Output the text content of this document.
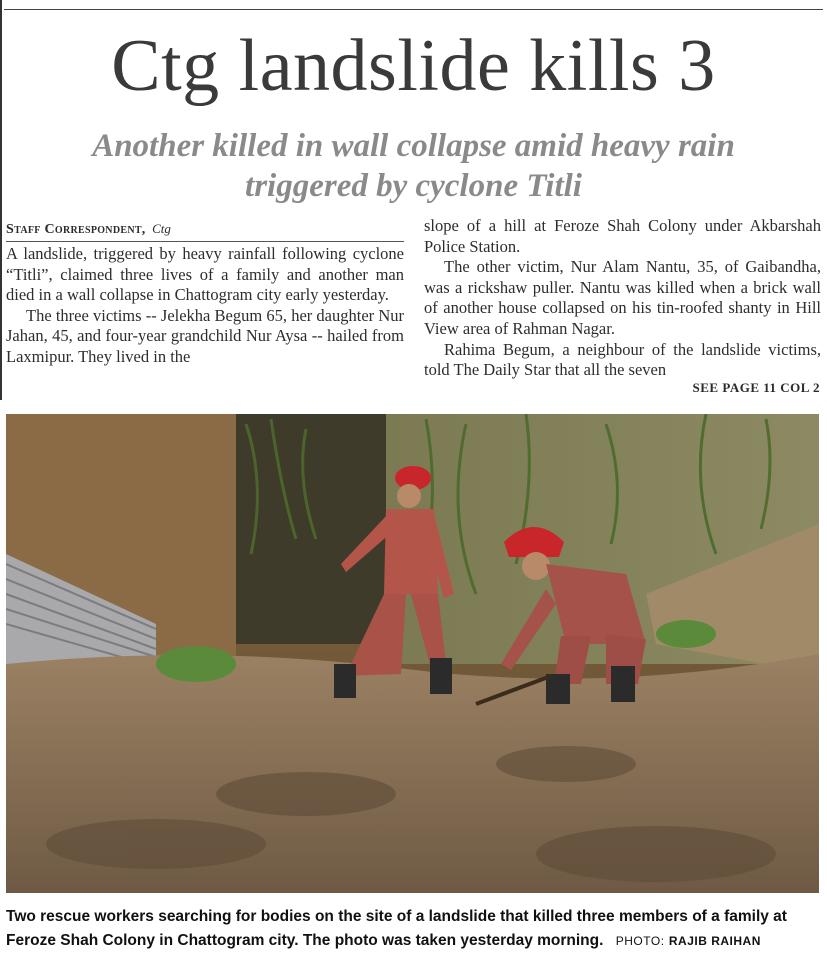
Ctg landslide kills 3
Another killed in wall collapse amid heavy rain triggered by cyclone Titli
Staff Correspondent, Ctg

A landslide, triggered by heavy rainfall following cyclone “Titli”, claimed three lives of a family and another man died in a wall collapse in Chattogram city early yesterday.

The three victims -- Jelekha Begum 65, her daughter Nur Jahan, 45, and four-year grandchild Nur Aysa -- hailed from Laxmipur. They lived in the

slope of a hill at Feroze Shah Colony under Akbarshah Police Station.

The other victim, Nur Alam Nantu, 35, of Gaibandha, was a rickshaw puller. Nantu was killed when a brick wall of another house collapsed on his tin-roofed shanty in Hill View area of Rahman Nagar.

Rahima Begum, a neighbour of the landslide victims, told The Daily Star that all the seven

SEE PAGE 11 COL 2
Two rescue workers searching for bodies on the site of a landslide that killed three members of a family at Feroze Shah Colony in Chattogram city. The photo was taken yesterday morning. PHOTO: RAJIB RAIHAN
